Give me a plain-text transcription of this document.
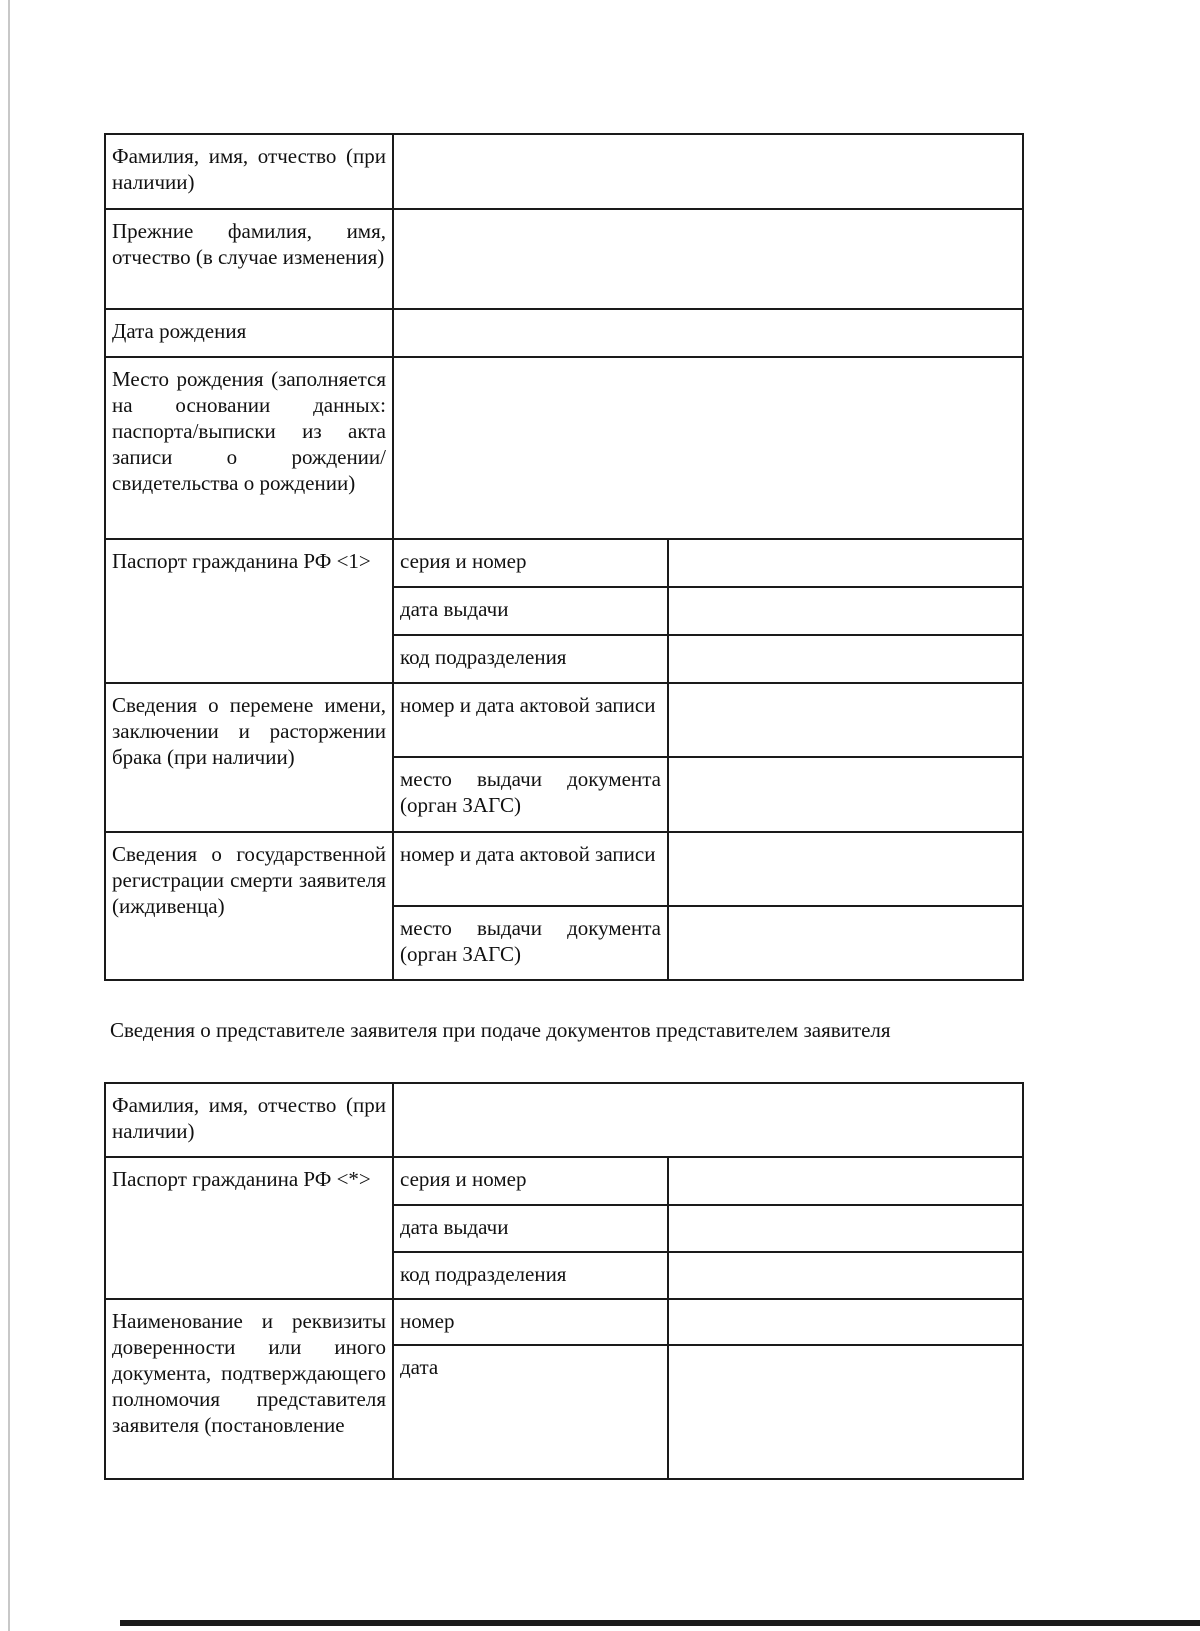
Фамилия, имя, отчество (при наличии)		
Прежние фамилия, имя, отчество (в случае изменения)		
Дата рождения		
Место рождения (заполняется на основании данных: паспорта/выписки из акта записи о рождении/свидетельства о рождении)		
Паспорт гражданина РФ <1>	серия и номер	
	дата выдачи	
	код подразделения	
Сведения о перемене имени, заключении и расторжении брака (при наличии)	номер и дата актовой записи	
	место выдачи документа (орган ЗАГС)	
Сведения о государственной регистрации смерти заявителя (иждивенца)	номер и дата актовой записи	
	место выдачи документа (орган ЗАГС)	
Сведения о представителе заявителя при подаче документов представителем заявителя
Фамилия, имя, отчество (при наличии)		
Паспорт гражданина РФ <*>	серия и номер	
	дата выдачи	
	код подразделения	
Наименование и реквизиты доверенности или иного документа, подтверждающего полномочия представителя заявителя (постановление	номер	
	дата	
